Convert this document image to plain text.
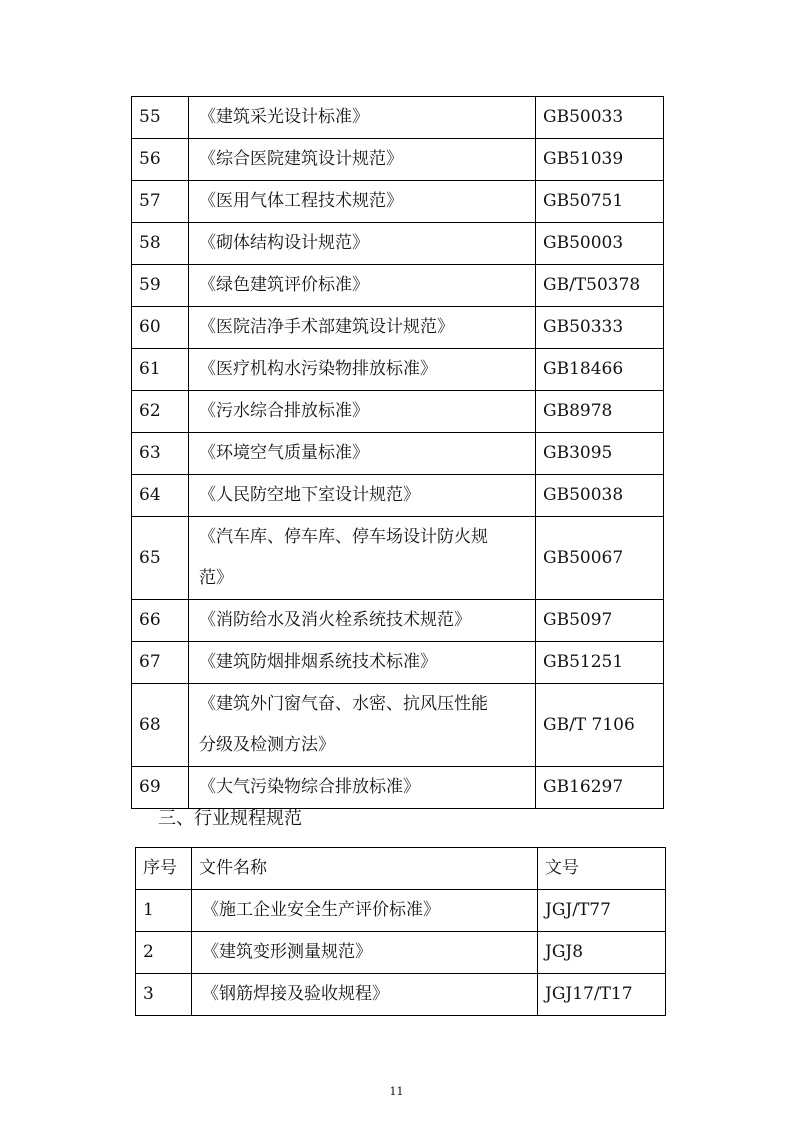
55	《建筑采光设计标准》	GB50033
56	《综合医院建筑设计规范》	GB51039
57	《医用气体工程技术规范》	GB50751
58	《砌体结构设计规范》	GB50003
59	《绿色建筑评价标准》	GB/T50378
60	《医院洁净手术部建筑设计规范》	GB50333
61	《医疗机构水污染物排放标准》	GB18466
62	《污水综合排放标准》	GB8978
63	《环境空气质量标准》	GB3095
64	《人民防空地下室设计规范》	GB50038
65	《汽车库、停车库、停车场设计防火规
范》	GB50067
66	《消防给水及消火栓系统技术规范》	GB5097
67	《建筑防烟排烟系统技术标准》	GB51251
68	《建筑外门窗气奋、水密、抗风压性能
分级及检测方法》	GB/T 7106
69	《大气污染物综合排放标准》	GB16297
三、行业规程规范
序号	文件名称	文号
1	《施工企业安全生产评价标准》	JGJ/T77
2	《建筑变形测量规范》	JGJ8
3	《钢筋焊接及验收规程》	JGJ17/T17
11
